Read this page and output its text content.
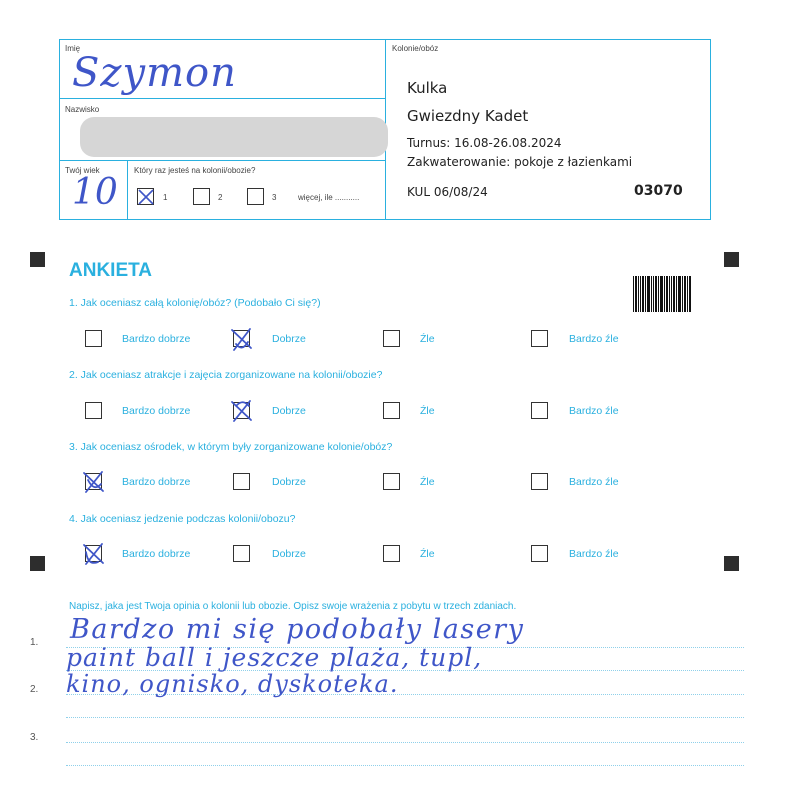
Imię
Szymon
Nazwisko
Twój wiek
10
Który raz jesteś na kolonii/obozie?
1	2	3	więcej, ile ...........
Kolonie/obóz
Kulka
Gwiezdny Kadet
Turnus: 16.08-26.08.2024
Zakwaterowanie: pokoje z łazienkami
KUL 06/08/24	03070
ANKIETA
1. Jak oceniasz całą kolonię/obóz? (Podobało Ci się?)
Bardzo dobrze	Dobrze	Źle	Bardzo źle
2. Jak oceniasz atrakcje i zajęcia zorganizowane na kolonii/obozie?
Bardzo dobrze	Dobrze	Źle	Bardzo źle
3. Jak oceniasz ośrodek, w którym były zorganizowane kolonie/obóz?
Bardzo dobrze	Dobrze	Źle	Bardzo źle
4. Jak oceniasz jedzenie podczas kolonii/obozu?
Bardzo dobrze	Dobrze	Źle	Bardzo źle
Napisz, jaka jest Twoja opinia o kolonii lub obozie. Opisz swoje wrażenia z pobytu w trzech zdaniach.
1.
2.
3.
Bardzo mi się podobały lasery
paint ball i jeszcze plaża, tupl,
kino, ognisko, dyskoteka.
